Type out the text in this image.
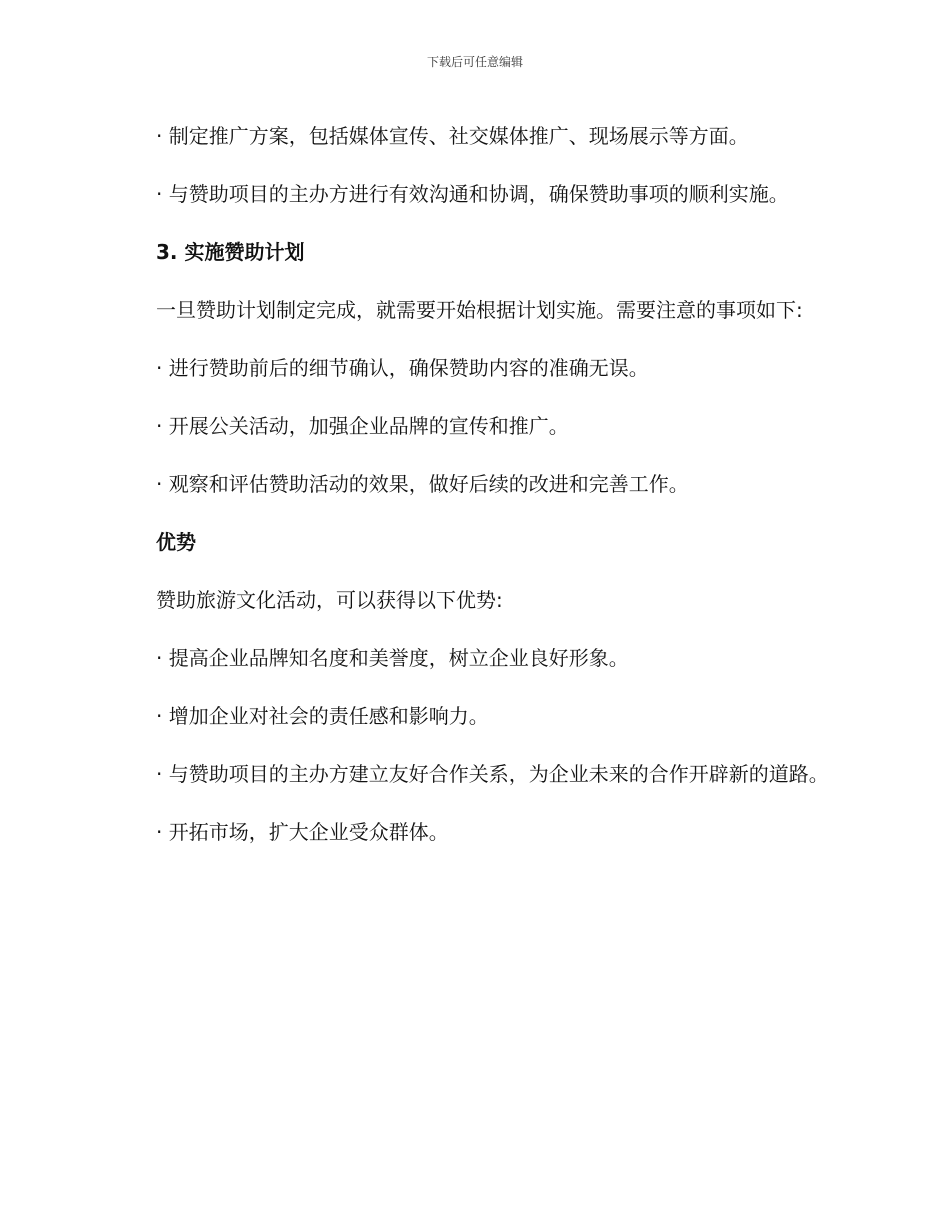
下载后可任意编辑

· 制定推广方案，包括媒体宣传、社交媒体推广、现场展示等方面。

· 与赞助项目的主办方进行有效沟通和协调，确保赞助事项的顺利实施。

3. 实施赞助计划

一旦赞助计划制定完成，就需要开始根据计划实施。需要注意的事项如下:

· 进行赞助前后的细节确认，确保赞助内容的准确无误。

· 开展公关活动，加强企业品牌的宣传和推广。

· 观察和评估赞助活动的效果，做好后续的改进和完善工作。

优势

赞助旅游文化活动，可以获得以下优势:

· 提高企业品牌知名度和美誉度，树立企业良好形象。

· 增加企业对社会的责任感和影响力。

· 与赞助项目的主办方建立友好合作关系，为企业未来的合作开辟新的道路。

· 开拓市场，扩大企业受众群体。
